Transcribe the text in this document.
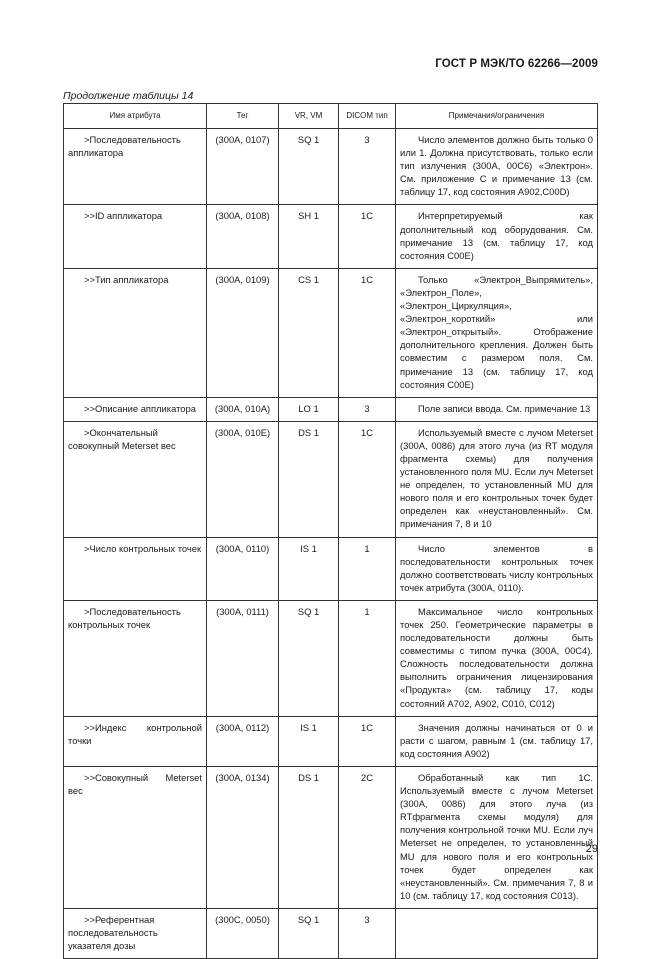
ГОСТ Р МЭК/ТО 62266—2009
Продолжение таблицы 14
Имя атрибута	Тег	VR, VM	DICOM тип	Примечания/ограничения
>Последовательность аппликатора	(300A, 0107)	SQ 1	3	Число элементов должно быть только 0 или 1. Должна присутствовать, только если тип излучения (300A, 00C6) «Электрон». См. приложение С и примечание 13 (см. таблицу 17, код состояния А902,С00D)
>>ID аппликатора	(300A, 0108)	SH 1	1C	Интерпретируемый как дополнительный код оборудования. См. примечание 13 (см. таблицу 17, код состояния С00Е)
>>Тип аппликатора	(300A, 0109)	CS 1	1C	Только «Электрон_Выпрямитель», «Электрон_Поле», «Электрон_Циркуляция», «Электрон_короткий» или «Электрон_открытый». Отображение дополнительного крепления. Должен быть совместим с размером поля. См. примечание 13 (см. таблицу 17, код состояния С00Е)
>>Описание аппликатора	(300A, 010A)	LO 1	3	Поле записи ввода. См. примечание 13
>Окончательный совокупный Meterset вес	(300A, 010E)	DS 1	1C	Используемый вместе с лучом Meterset (300A, 0086) для этого луча (из RT модуля фрагмента схемы) для получения установленного поля MU. Если луч Meterset не определен, то установленный MU для нового поля и его контрольных точек будет определен как «неустановленный». См. примечания 7, 8 и 10
>Число контрольных точек	(300A, 0110)	IS 1	1	Число элементов в последовательности контрольных точек должно соответствовать числу контрольных точек атрибута (300A, 0110).
>Последовательность контрольных точек	(300A, 0111)	SQ 1	1	Максимальное число контрольных точек 250. Геометрические параметры в последовательности должны быть совместимы с типом пучка (300A, 00C4). Сложность последовательности должна выполнить ограничения лицензирования «Продукта» (см. таблицу 17, коды состояний А702, А902, С010, С012)
>>Индекс контрольной точки	(300A, 0112)	IS 1	1C	Значения должны начинаться от 0 и расти с шагом, равным 1 (см. таблицу 17, код состояния А902)
>>Совокупный Meterset вес	(300A, 0134)	DS 1	2C	Обработанный как тип 1С. Используемый вместе с лучом Meterset (300A, 0086) для этого луча (из RTфрагмента схемы модуля) для получения контрольной точки MU. Если луч Meterset не определен, то установленный MU для нового поля и его контрольных точек будет определен как «неустановленный». См. примечания 7, 8 и 10 (см. таблицу 17, код состояния С013).
>>Референтная последовательность указателя дозы	(300C, 0050)	SQ 1	3	
29
